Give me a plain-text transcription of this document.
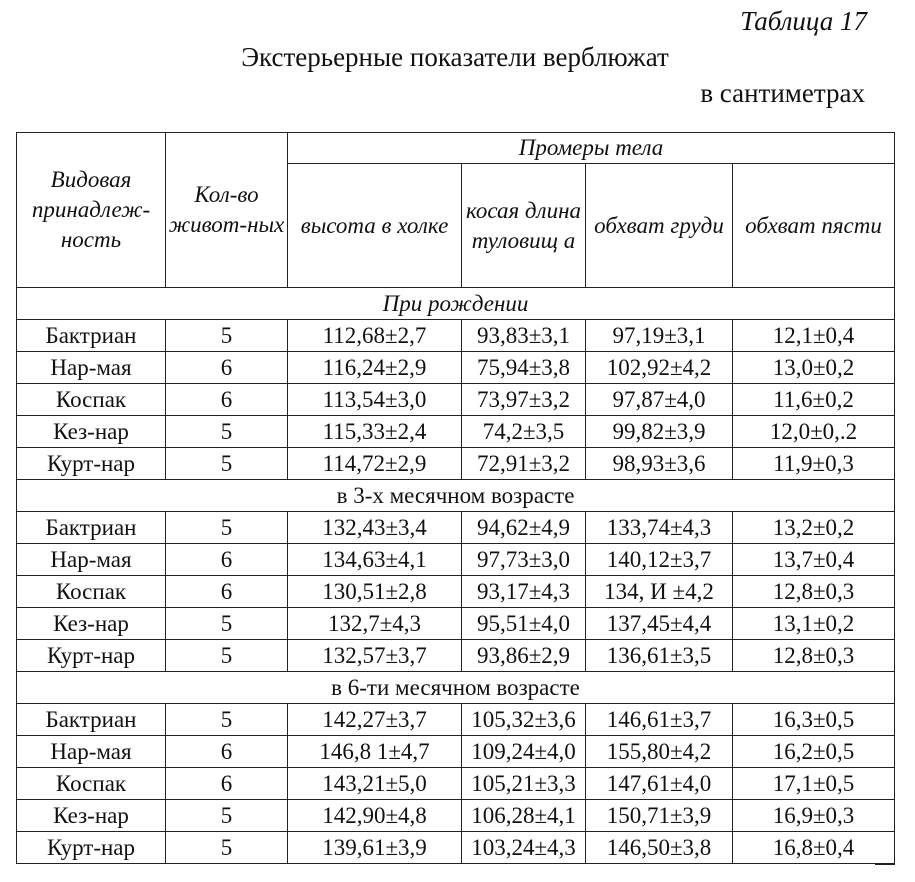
Таблица 17
Экстерьерные показатели верблюжат
в сантиметрах
Видовая принадлеж-ность	Кол-во живот-ных	Промеры тела			
		высота в холке	косая длина туловищ а	обхват груди	обхват пясти
При рождении					
Бактриан	5	112,68±2,7	93,83±3,1	97,19±3,1	12,1±0,4
Нар-мая	6	116,24±2,9	75,94±3,8	102,92±4,2	13,0±0,2
Коспак	6	113,54±3,0	73,97±3,2	97,87±4,0	11,6±0,2
Кез-нар	5	115,33±2,4	74,2±3,5	99,82±3,9	12,0±0,.2
Курт-нар	5	114,72±2,9	72,91±3,2	98,93±3,6	11,9±0,3
в 3-х месячном возрасте					
Бактриан	5	132,43±3,4	94,62±4,9	133,74±4,3	13,2±0,2
Нар-мая	6	134,63±4,1	97,73±3,0	140,12±3,7	13,7±0,4
Коспак	6	130,51±2,8	93,17±4,3	134, И ±4,2	12,8±0,3
Кез-нар	5	132,7±4,3	95,51±4,0	137,45±4,4	13,1±0,2
Курт-нар	5	132,57±3,7	93,86±2,9	136,61±3,5	12,8±0,3
в 6-ти месячном возрасте					
Бактриан	5	142,27±3,7	105,32±3,6	146,61±3,7	16,3±0,5
Нар-мая	6	146,8 1±4,7	109,24±4,0	155,80±4,2	16,2±0,5
Коспак	6	143,21±5,0	105,21±3,3	147,61±4,0	17,1±0,5
Кез-нар	5	142,90±4,8	106,28±4,1	150,71±3,9	16,9±0,3
Курт-нар	5	139,61±3,9	103,24±4,3	146,50±3,8	16,8±0,4
